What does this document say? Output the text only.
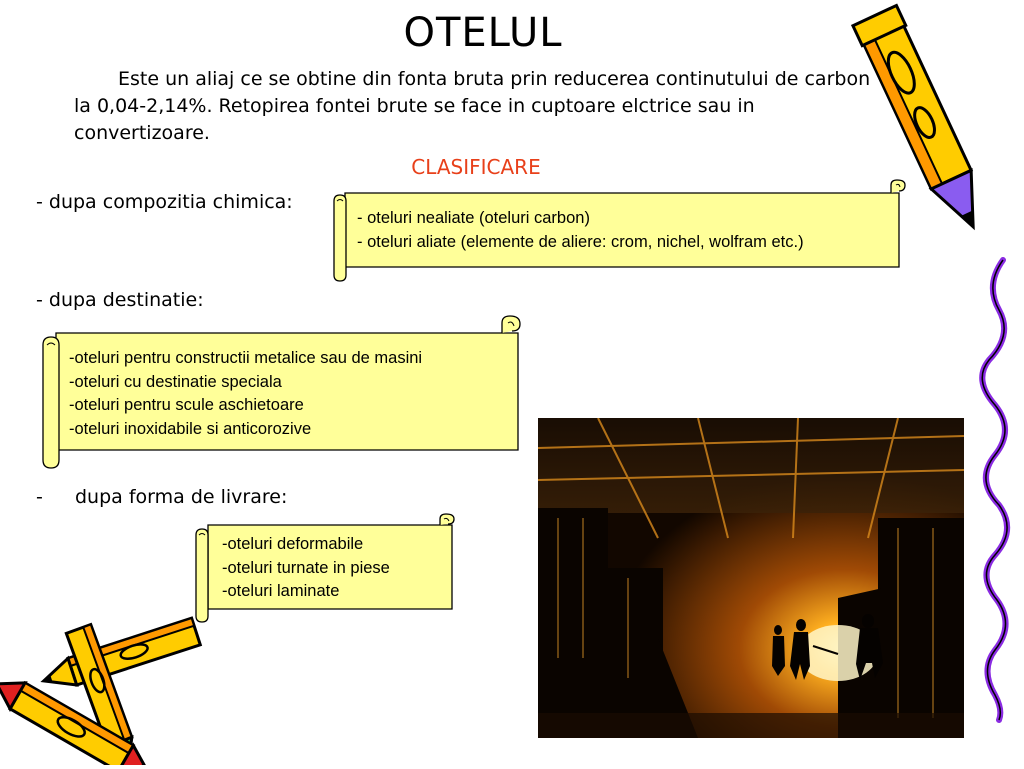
OTELUL
Este un aliaj ce se obtine din fonta bruta prin reducerea continutului de carbon la 0,04-2,14%. Retopirea fontei brute se face in cuptoare elctrice sau in convertizoare.
CLASIFICARE
- dupa compozitia chimica:
- dupa destinatie:
- dupa forma de livrare:
- oteluri nealiate (oteluri carbon)
- oteluri aliate (elemente de aliere: crom, nichel, wolfram etc.)
-oteluri pentru constructii metalice sau de masini
-oteluri cu destinatie speciala
-oteluri pentru scule aschietoare
-oteluri inoxidabile si anticorozive
-oteluri deformabile
-oteluri turnate in piese
-oteluri laminate
